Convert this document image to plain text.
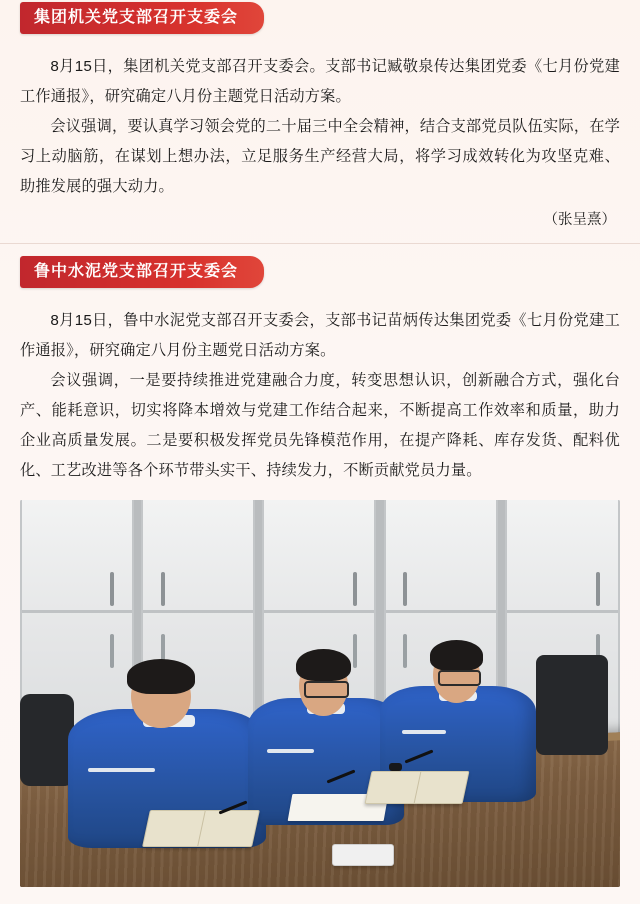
集团机关党支部召开支委会

8月15日，集团机关党支部召开支委会。支部书记臧敬泉传达集团党委《七月份党建工作通报》，研究确定八月份主题党日活动方案。

会议强调，要认真学习领会党的二十届三中全会精神，结合支部党员队伍实际，在学习上动脑筋，在谋划上想办法，立足服务生产经营大局，将学习成效转化为攻坚克难、助推发展的强大动力。

（张呈熹）
鲁中水泥党支部召开支委会

8月15日，鲁中水泥党支部召开支委会，支部书记苗炳传达集团党委《七月份党建工作通报》，研究确定八月份主题党日活动方案。

会议强调，一是要持续推进党建融合力度，转变思想认识，创新融合方式，强化台产、能耗意识，切实将降本增效与党建工作结合起来，不断提高工作效率和质量，助力企业高质量发展。二是要积极发挥党员先锋模范作用，在提产降耗、库存发货、配料优化、工艺改进等各个环节带头实干、持续发力，不断贡献党员力量。
